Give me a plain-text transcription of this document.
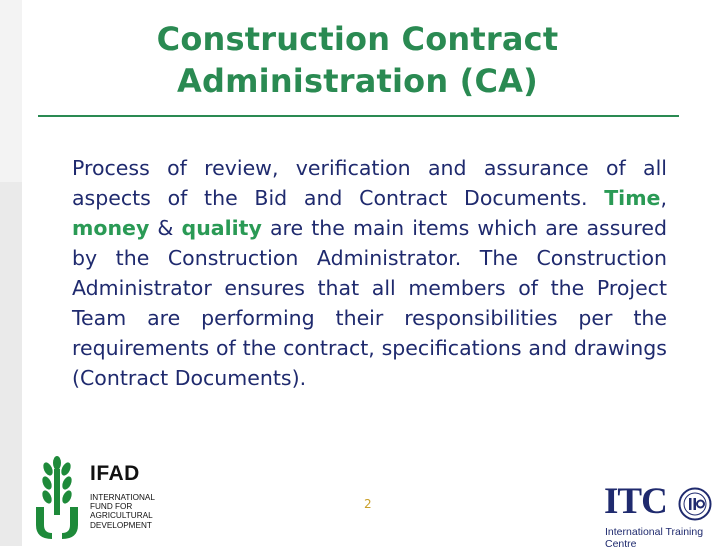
Construction Contract
Administration (CA)
Process of review, verification and assurance of all aspects of the Bid and Contract Documents. Time, money & quality are the main items which are assured by the Construction Administrator. The Construction Administrator ensures that all members of the Project Team are performing their responsibilities per the requirements of the contract, specifications and drawings (Contract Documents).
2
IFAD
INTERNATIONAL
FUND FOR
AGRICULTURAL
DEVELOPMENT
ITC
International Training Centre
